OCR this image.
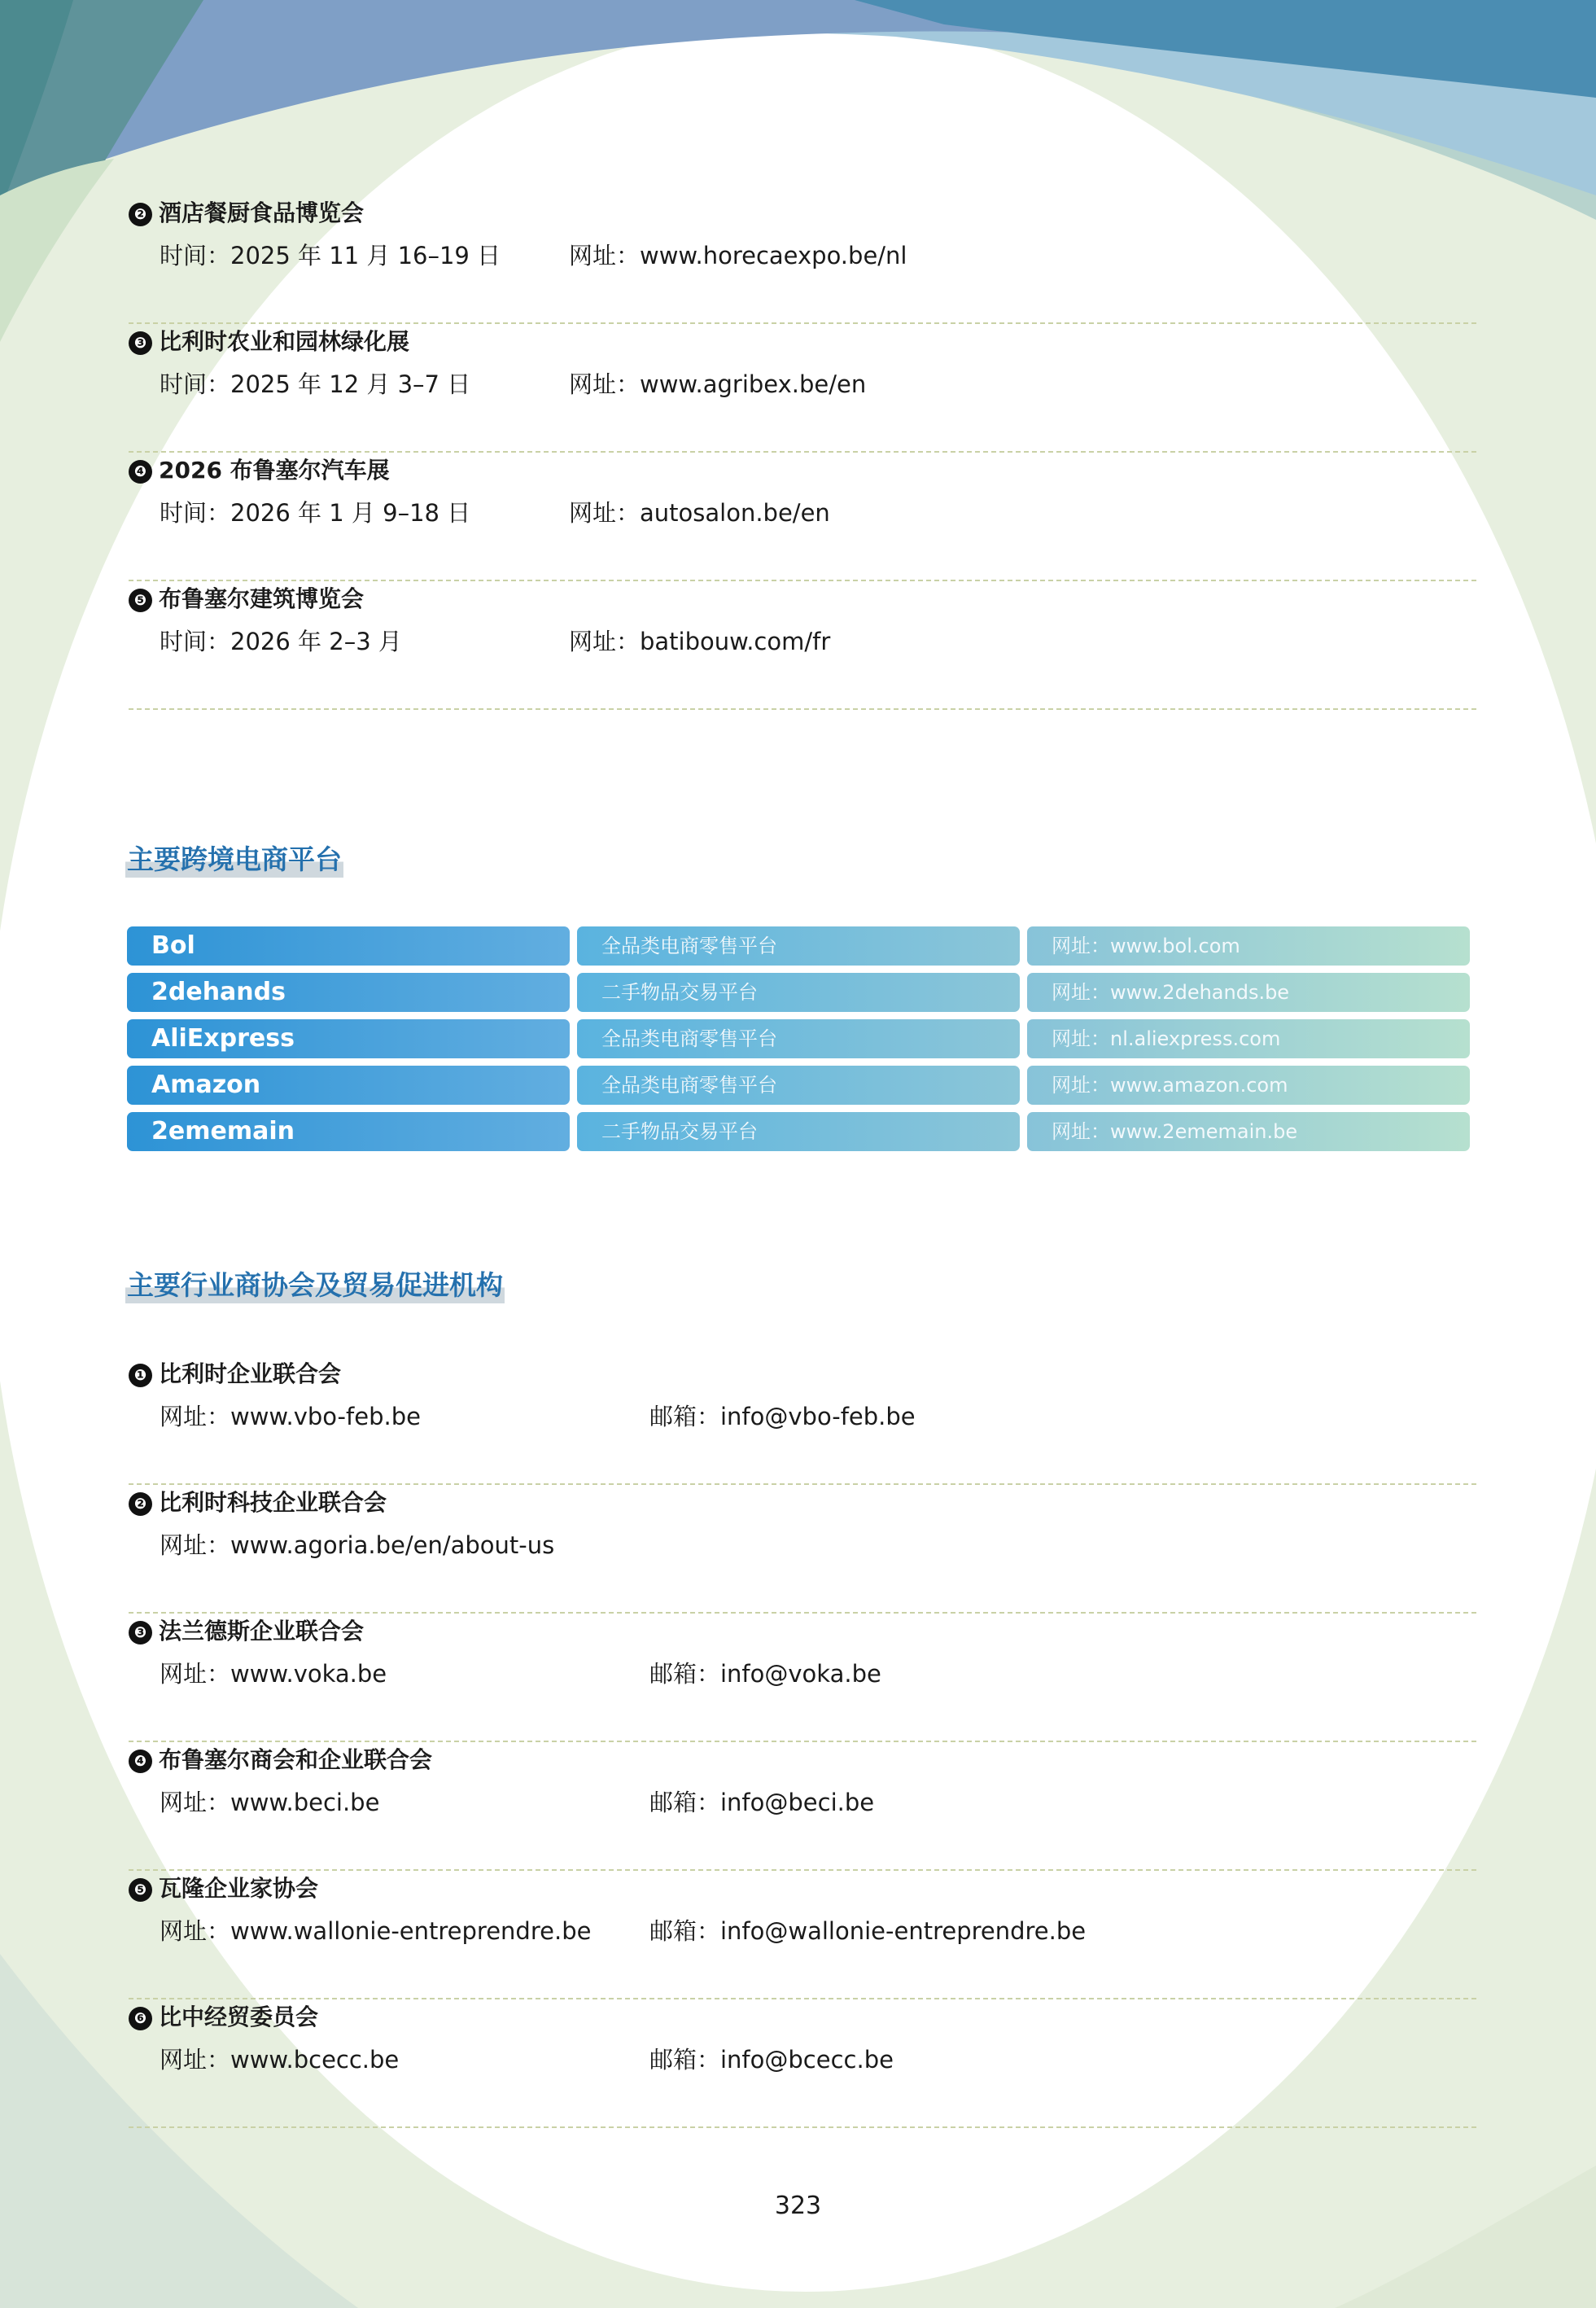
❷ 酒店餐厨食品博览会
时间：2025 年 11 月 16–19 日	网址：www.horecaexpo.be/nl
❸ 比利时农业和园林绿化展
时间：2025 年 12 月 3–7 日	网址：www.agribex.be/en
❹ 2026 布鲁塞尔汽车展
时间：2026 年 1 月 9–18 日	网址：autosalon.be/en
❺ 布鲁塞尔建筑博览会
时间：2026 年 2–3 月	网址：batibouw.com/fr
主要跨境电商平台
Bol	全品类电商零售平台	网址：www.bol.com
2dehands	二手物品交易平台	网址：www.2dehands.be
AliExpress	全品类电商零售平台	网址：nl.aliexpress.com
Amazon	全品类电商零售平台	网址：www.amazon.com
2ememain	二手物品交易平台	网址：www.2ememain.be
主要行业商协会及贸易促进机构
❶ 比利时企业联合会
网址：www.vbo-feb.be	邮箱：info@vbo-feb.be
❷ 比利时科技企业联合会
网址：www.agoria.be/en/about-us
❸ 法兰德斯企业联合会
网址：www.voka.be	邮箱：info@voka.be
❹ 布鲁塞尔商会和企业联合会
网址：www.beci.be	邮箱：info@beci.be
❺ 瓦隆企业家协会
网址：www.wallonie-entreprendre.be 邮箱：info@wallonie-entreprendre.be
❻ 比中经贸委员会
网址：www.bcecc.be	邮箱：info@bcecc.be
323
